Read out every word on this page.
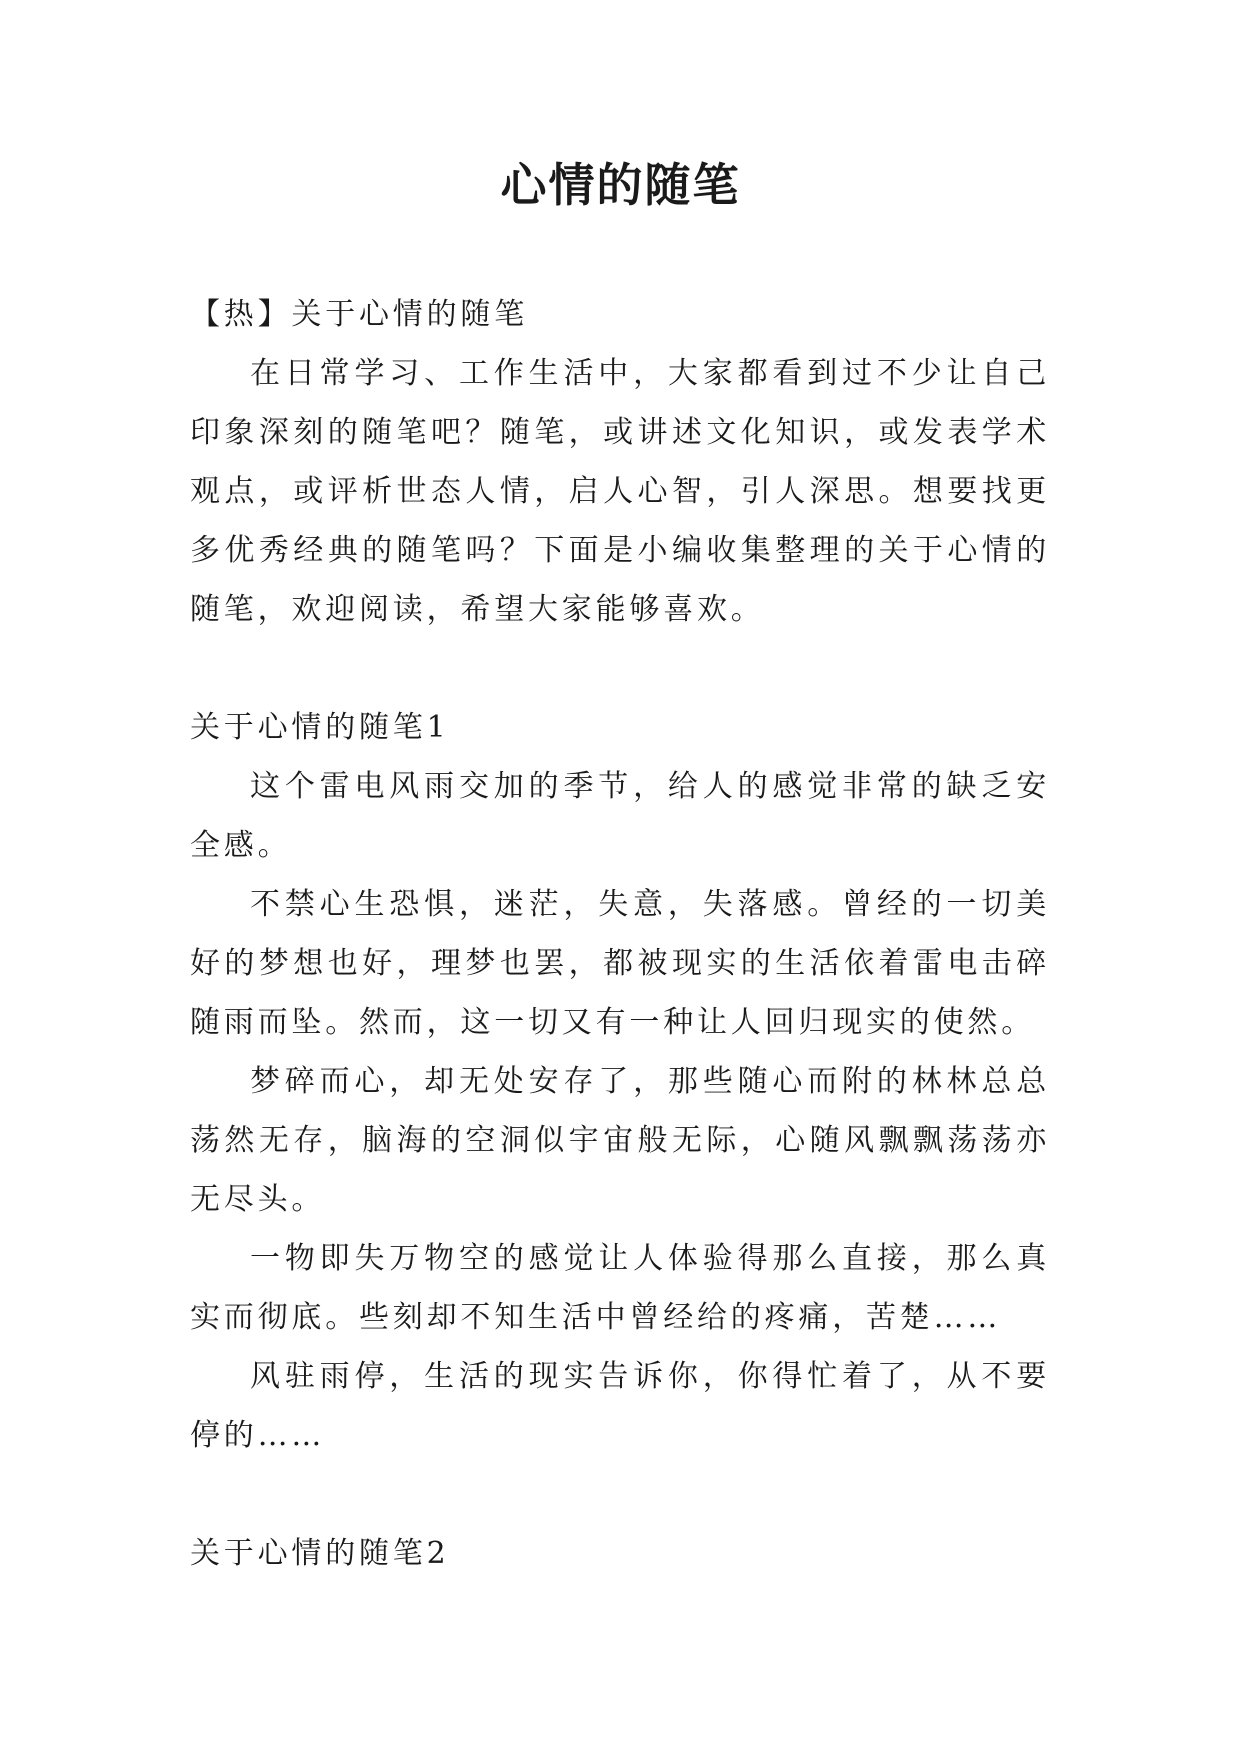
心情的随笔

【热】关于心情的随笔

在日常学习、工作生活中，大家都看到过不少让自己印象深刻的随笔吧？随笔，或讲述文化知识，或发表学术观点，或评析世态人情，启人心智，引人深思。想要找更多优秀经典的随笔吗？下面是小编收集整理的关于心情的随笔，欢迎阅读，希望大家能够喜欢。

关于心情的随笔1

这个雷电风雨交加的季节，给人的感觉非常的缺乏安全感。

不禁心生恐惧，迷茫，失意，失落感。曾经的一切美好的梦想也好，理梦也罢，都被现实的生活依着雷电击碎随雨而坠。然而，这一切又有一种让人回归现实的使然。

梦碎而心，却无处安存了，那些随心而附的林林总总荡然无存，脑海的空洞似宇宙般无际，心随风飘飘荡荡亦无尽头。

一物即失万物空的感觉让人体验得那么直接，那么真实而彻底。些刻却不知生活中曾经给的疼痛，苦楚……

风驻雨停，生活的现实告诉你，你得忙着了，从不要停的……

关于心情的随笔2
